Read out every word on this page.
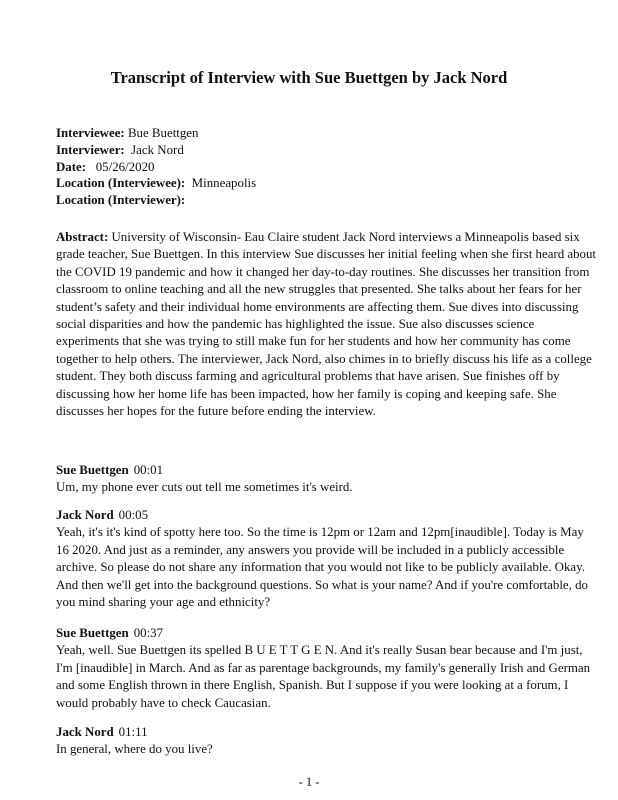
Transcript of Interview with Sue Buettgen by Jack Nord
Interviewee: Bue Buettgen
Interviewer:  Jack Nord
Date:   05/26/2020
Location (Interviewee):  Minneapolis
Location (Interviewer):
Abstract: University of Wisconsin- Eau Claire student Jack Nord interviews a Minneapolis based six
grade teacher, Sue Buettgen. In this interview Sue discusses her initial feeling when she first heard about
the COVID 19 pandemic and how it changed her day-to-day routines. She discusses her transition from
classroom to online teaching and all the new struggles that presented. She talks about her fears for her
student’s safety and their individual home environments are affecting them. Sue dives into discussing
social disparities and how the pandemic has highlighted the issue. Sue also discusses science
experiments that she was trying to still make fun for her students and how her community has come
together to help others. The interviewer, Jack Nord, also chimes in to briefly discuss his life as a college
student. They both discuss farming and agricultural problems that have arisen. Sue finishes off by
discussing how her home life has been impacted, how her family is coping and keeping safe. She
discusses her hopes for the future before ending the interview.
Sue Buettgen 00:01
Um, my phone ever cuts out tell me sometimes it's weird.
Jack Nord 00:05
Yeah, it's it's kind of spotty here too. So the time is 12pm or 12am and 12pm[inaudible]. Today is May
16 2020. And just as a reminder, any answers you provide will be included in a publicly accessible
archive. So please do not share any information that you would not like to be publicly available. Okay.
And then we'll get into the background questions. So what is your name? And if you're comfortable, do
you mind sharing your age and ethnicity?
Sue Buettgen 00:37
Yeah, well. Sue Buettgen its spelled B U E T T G E N. And it's really Susan bear because and I'm just,
I'm [inaudible] in March. And as far as parentage backgrounds, my family's generally Irish and German
and some English thrown in there English, Spanish. But I suppose if you were looking at a forum, I
would probably have to check Caucasian.
Jack Nord 01:11
In general, where do you live?
- 1 -
